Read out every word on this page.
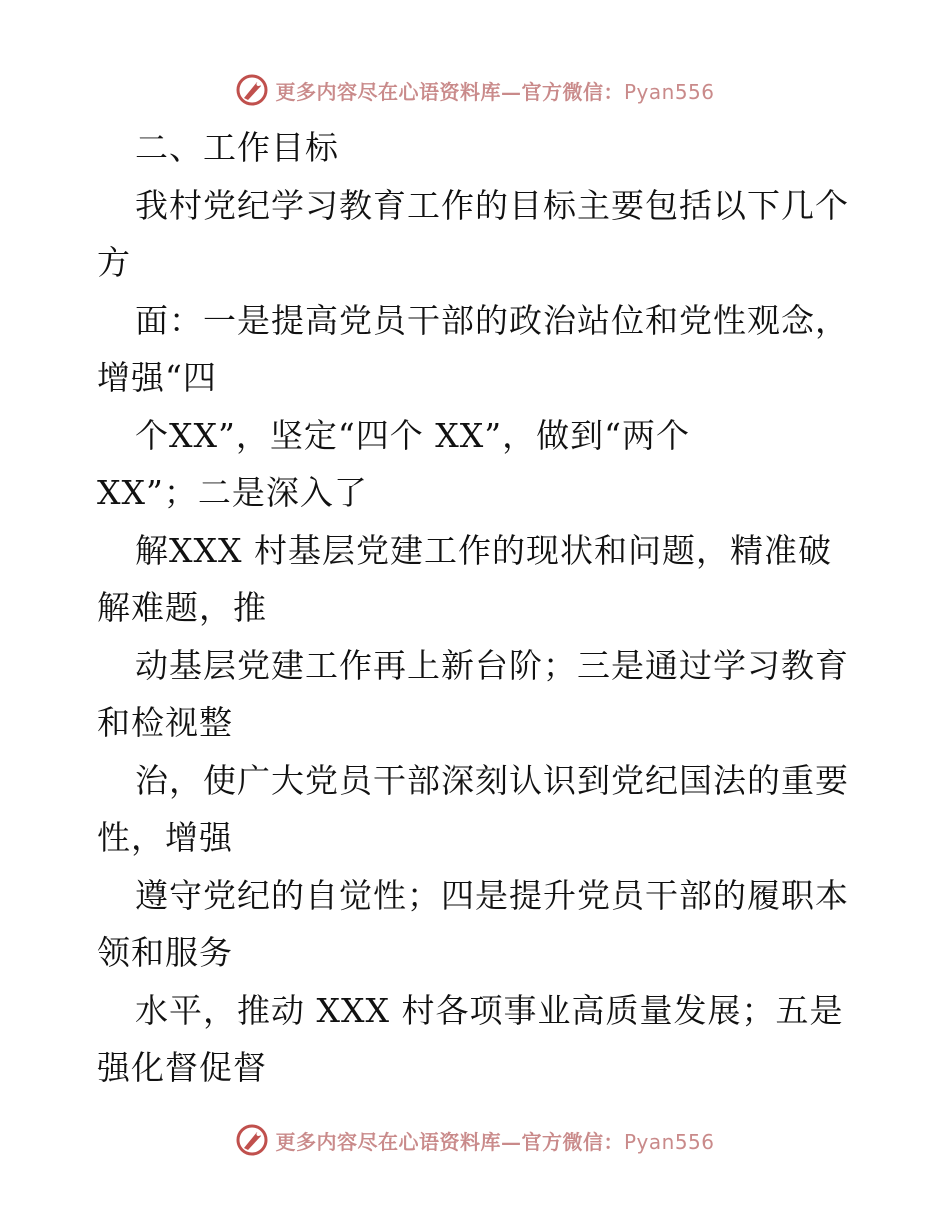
更多内容尽在心语资料库—官方微信：Pyan556
二、工作目标
我村党纪学习教育工作的目标主要包括以下几个
方
面：一是提高党员干部的政治站位和党性观念，
增强“四
个XX”，坚定“四个 XX”，做到“两个
XX”；二是深入了
解XXX 村基层党建工作的现状和问题，精准破
解难题，推
动基层党建工作再上新台阶；三是通过学习教育
和检视整
治，使广大党员干部深刻认识到党纪国法的重要
性，增强
遵守党纪的自觉性；四是提升党员干部的履职本
领和服务
水平，推动 XXX 村各项事业高质量发展；五是
强化督促督
更多内容尽在心语资料库—官方微信：Pyan556
